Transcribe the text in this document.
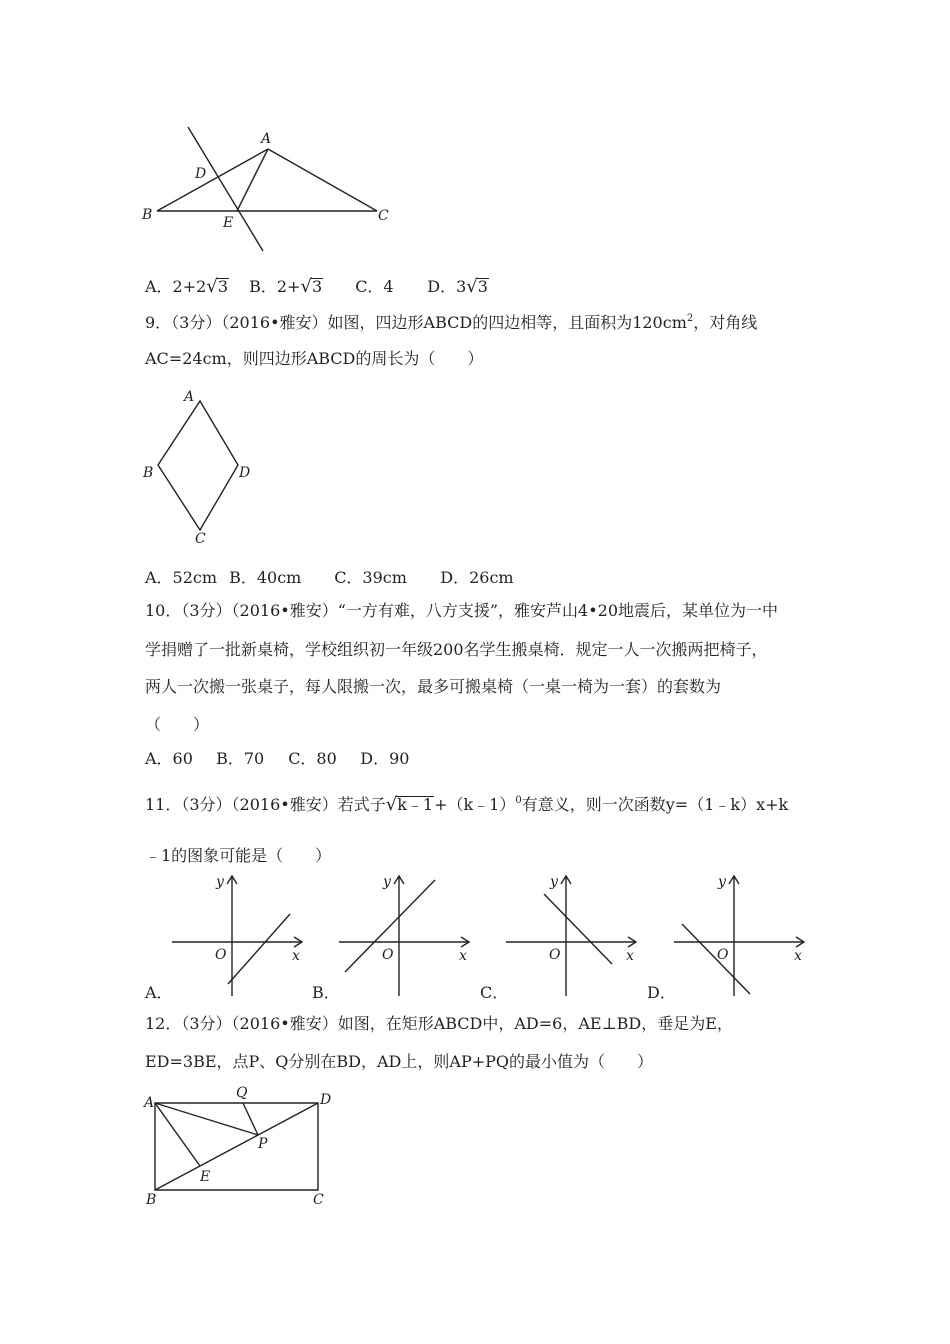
A
D
B	E	C
A．2+2√3 B．2+√3 C．4 D．3√3
9．（3分）（2016•雅安）如图，四边形ABCD的四边相等，且面积为$120cm^2$，对角线
AC=24cm，则四边形ABCD的周长为（　　）
A
B	D
C
A．52cm B．40cm C．39cm D．26cm
10．（3分）（2016•雅安）“一方有难，八方支援”，雅安芦山4•20地震后，某单位为一中
学捐赠了一批新桌椅，学校组织初一年级200名学生搬桌椅．规定一人一次搬两把椅子，
两人一次搬一张桌子，每人限搬一次，最多可搬桌椅（一桌一椅为一套）的套数为
（　　）
A．60 B．70 C．80 D．90
11．（3分）（2016•雅安）若式子√k﹣1+（k﹣1）$^0$有意义，则一次函数y=（1﹣k）x+k
﹣1的图象可能是（　　）
y
O	x
y
O	x
y
O	x
y
O	x
A．	B．	C．	D．
12．（3分）（2016•雅安）如图，在矩形ABCD中，AD=6，AE⊥BD，垂足为E，
ED=3BE，点P、Q分别在BD，AD上，则AP+PQ的最小值为（　　）
A
Q	D
P
E
B	C
